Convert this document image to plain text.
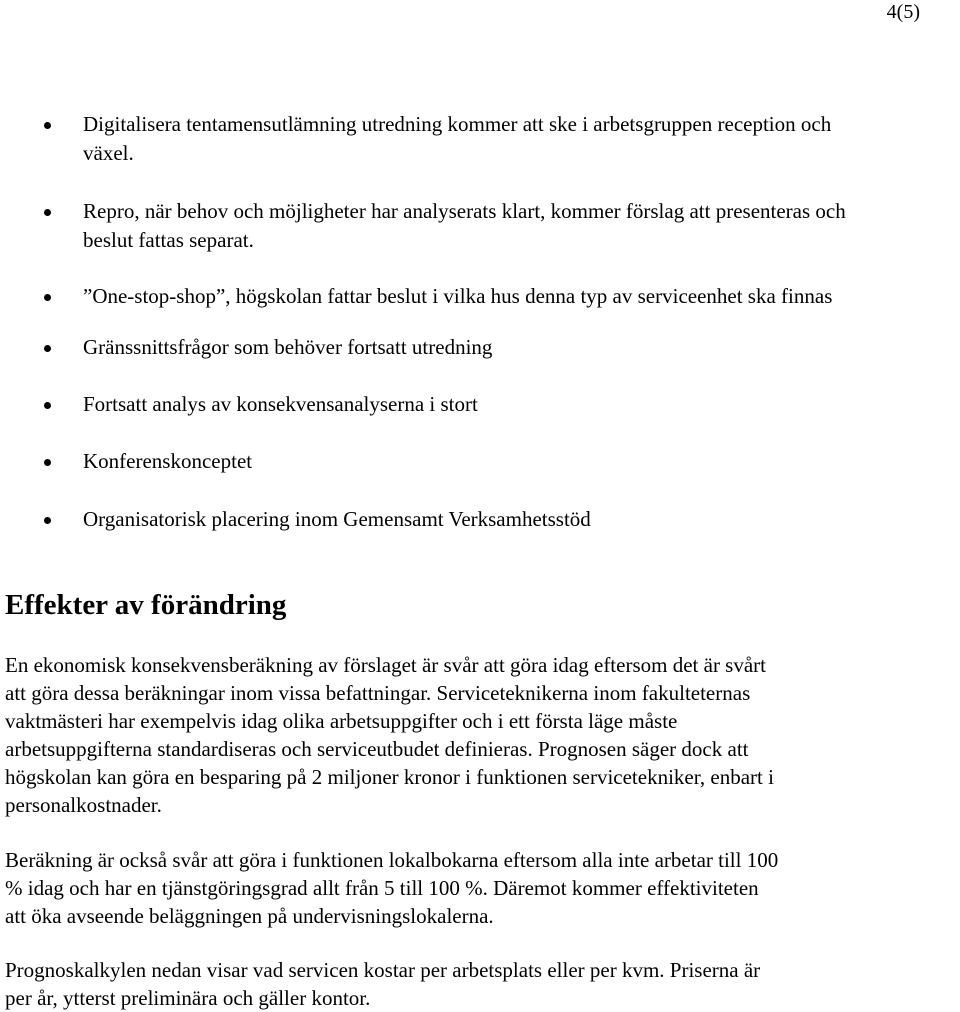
4(5)
Digitalisera tentamensutlämning utredning kommer att ske i arbetsgruppen reception och
växel.
Repro, när behov och möjligheter har analyserats klart, kommer förslag att presenteras och
beslut fattas separat.
”One-stop-shop”, högskolan fattar beslut i vilka hus denna typ av serviceenhet ska finnas
Gränssnittsfrågor som behöver fortsatt utredning
Fortsatt analys av konsekvensanalyserna i stort
Konferenskonceptet
Organisatorisk placering inom Gemensamt Verksamhetsstöd
Effekter av förändring
En ekonomisk konsekvensberäkning av förslaget är svår att göra idag eftersom det är svårt
att göra dessa beräkningar inom vissa befattningar. Serviceteknikerna inom fakulteternas
vaktmästeri har exempelvis idag olika arbetsuppgifter och i ett första läge måste
arbetsuppgifterna standardiseras och serviceutbudet definieras. Prognosen säger dock att
högskolan kan göra en besparing på 2 miljoner kronor i funktionen servicetekniker, enbart i
personalkostnader.
Beräkning är också svår att göra i funktionen lokalbokarna eftersom alla inte arbetar till 100
% idag och har en tjänstgöringsgrad allt från 5 till 100 %. Däremot kommer effektiviteten
att öka avseende beläggningen på undervisningslokalerna.
Prognoskalkylen nedan visar vad servicen kostar per arbetsplats eller per kvm. Priserna är
per år, ytterst preliminära och gäller kontor.
